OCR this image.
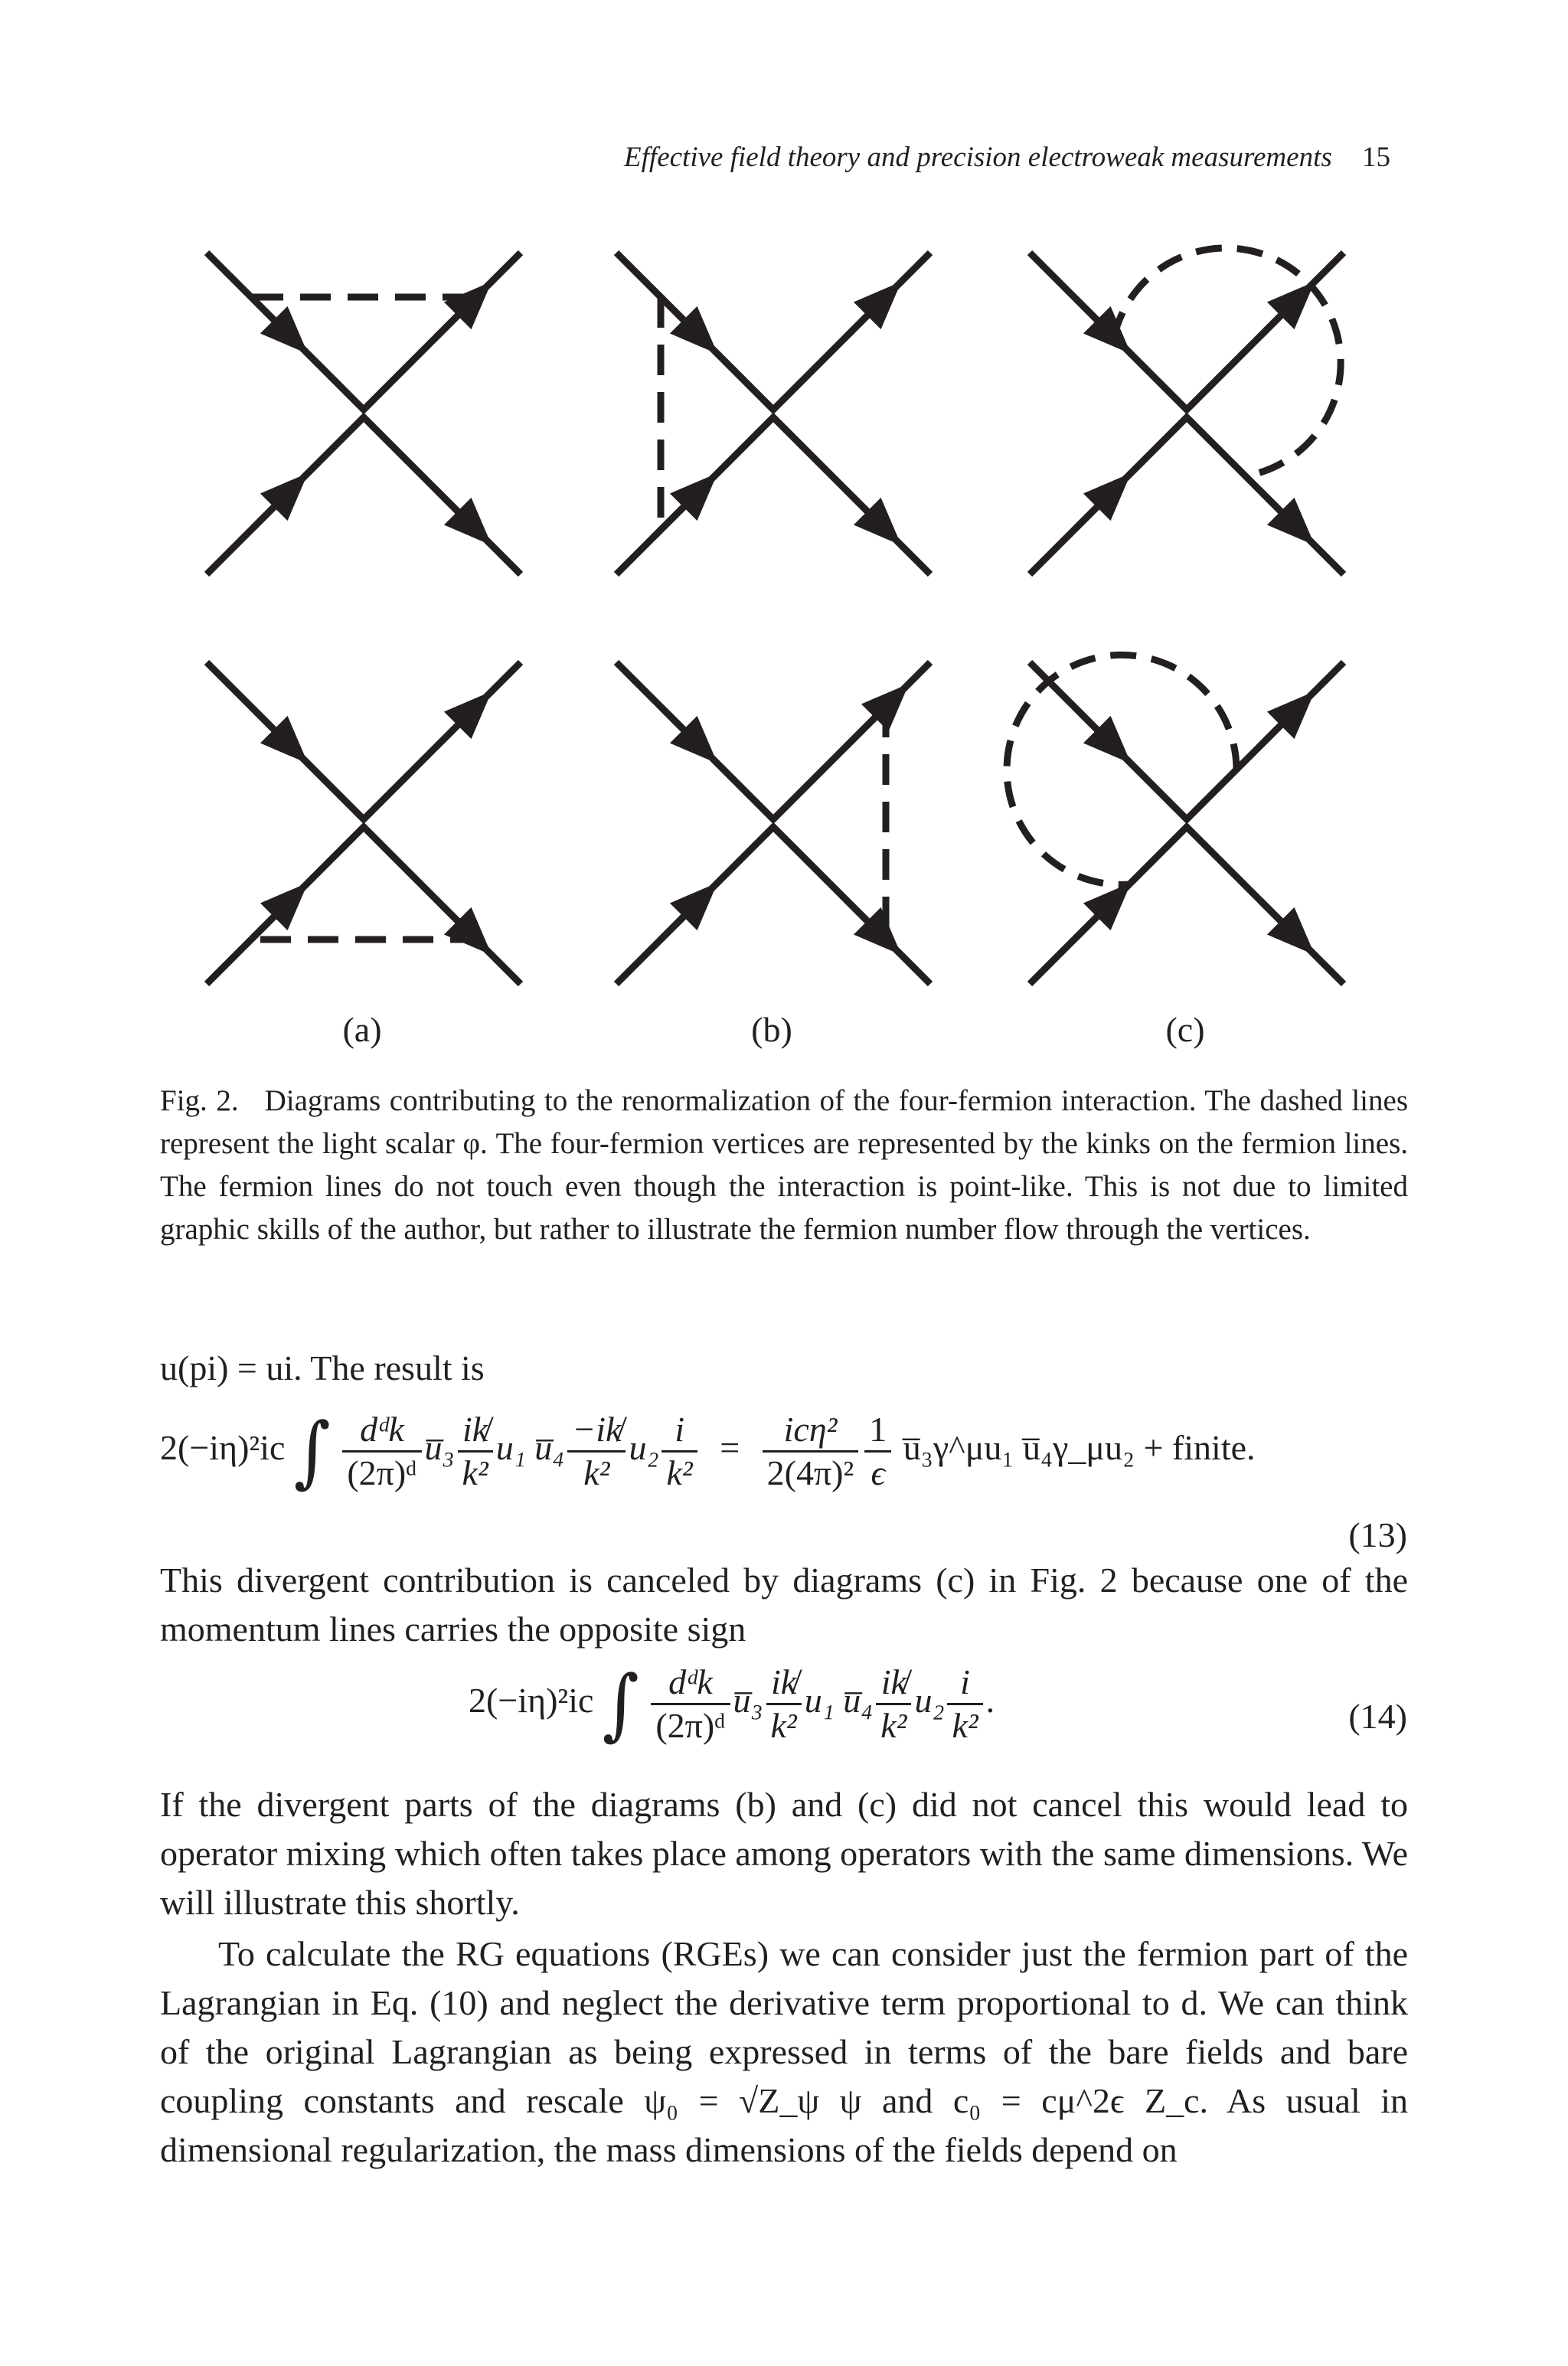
Effective field theory and precision electroweak measurements 15
(a)	(b)	(c)
Fig. 2. Diagrams contributing to the renormalization of the four-fermion interaction. The dashed lines represent the light scalar φ. The four-fermion vertices are represented by the kinks on the fermion lines. The fermion lines do not touch even though the interaction is point-like. This is not due to limited graphic skills of the author, but rather to illustrate the fermion number flow through the vertices.
u(pi) = ui. The result is
2(−iη)²ic ∫ $\frac{\text{dᵈk}}{\text{(2π)ᵈ}}$ u̅₃ $\frac{ik̸}{\text{k²}} u_1$ u̅₄ $\frac{-ik̸}{\text{k²}} u_2 \frac{i}{\text{k²}} = \frac{\text{icη²}}{\text{2(4π)²}} \frac{1}{\epsilon}$ u̅₃γ^μu₁ u̅₄γ_μu₂ + finite.
(13)
This divergent contribution is canceled by diagrams (c) in Fig. 2 because one of the momentum lines carries the opposite sign
2(−iη)²ic ∫ $\frac{\text{dᵈk}}{\text{(2π)ᵈ}}$ u̅₃ $\frac{ik̸}{\text{k²}} u_1$ u̅₄ $\frac{ik̸}{\text{k²}} u_2 \frac{i}{\text{k²}}$ .	(14)
If the divergent parts of the diagrams (b) and (c) did not cancel this would lead to operator mixing which often takes place among operators with the same dimensions. We will illustrate this shortly.
To calculate the RG equations (RGEs) we can consider just the fermion part of the Lagrangian in Eq. (10) and neglect the derivative term proportional to d. We can think of the original Lagrangian as being expressed in terms of the bare fields and bare coupling constants and rescale ψ₀ = √Z_ψ ψ and c₀ = cμ^2ϵ Z_c. As usual in dimensional regularization, the mass dimensions of the fields depend on
